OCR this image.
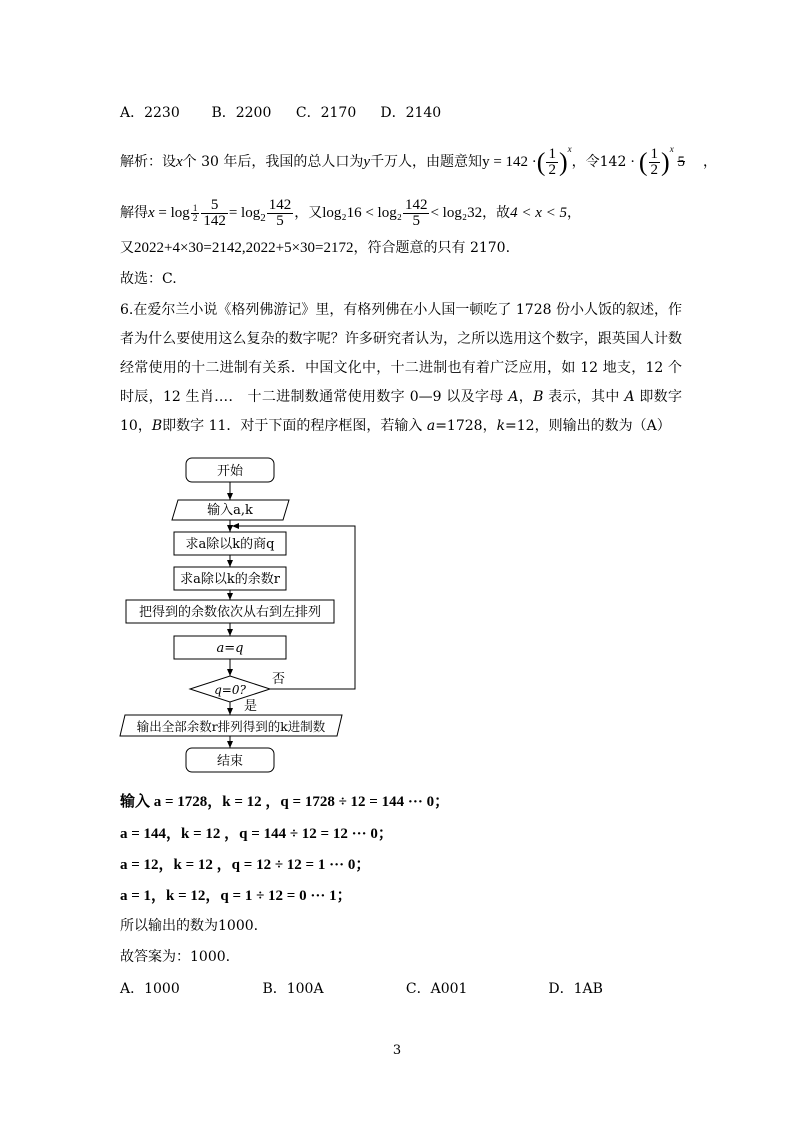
A．2230 B．2200 C．2170 D．2140
解析：设x个 30 年后，我国的总人口为y千万人，由题意知y = 142 ·( $\frac{1}{2} )^x$，令142 · ( $\frac{1}{2} )^x$ 5 ，
解得$x = \log \frac{1}{2} \frac{5}{142} = \log_2 \frac{142}{5}$ ，又$\log_216 < \log_2 \frac{142}{5} < \log_232$，故4 < x < 5，
又2022+4×30=2142,2022+5×30=2172，符合题意的只有 2170.
故选：C.
6.在爱尔兰小说《格列佛游记》里，有格列佛在小人国一顿吃了 1728 份小人饭的叙述，作者为什么要使用这么复杂的数字呢？许多研究者认为，之所以选用这个数字，跟英国人计数经常使用的十二进制有关系．中国文化中，十二进制也有着广泛应用，如 12 地支，12 个时辰，12 生肖…． 十二进制数通常使用数字 0—9 以及字母 A，B 表示，其中 A 即数字 10，B即数字 11．对于下面的程序框图，若输入 a=1728，k=12，则输出的数为（A）
开始
输入a,k
求a除以k的商q
求a除以k的余数r
把得到的余数依次从右到左排列
a=q
q=0?
否
是
输出全部余数r排列得到的k进制数
结束
输入 a = 1728，k = 12 ，q = 1728 ÷ 12 = 144 ··· 0；
a = 144，k = 12 ，q = 144 ÷ 12 = 12 ··· 0；
a = 12，k = 12 ，q = 12 ÷ 12 = 1 ··· 0；
a = 1，k = 12，q = 1 ÷ 12 = 0 ··· 1；
所以输出的数为1000.
故答案为：1000.
A．1000	B．100A	C．A001	D．1AB
3
